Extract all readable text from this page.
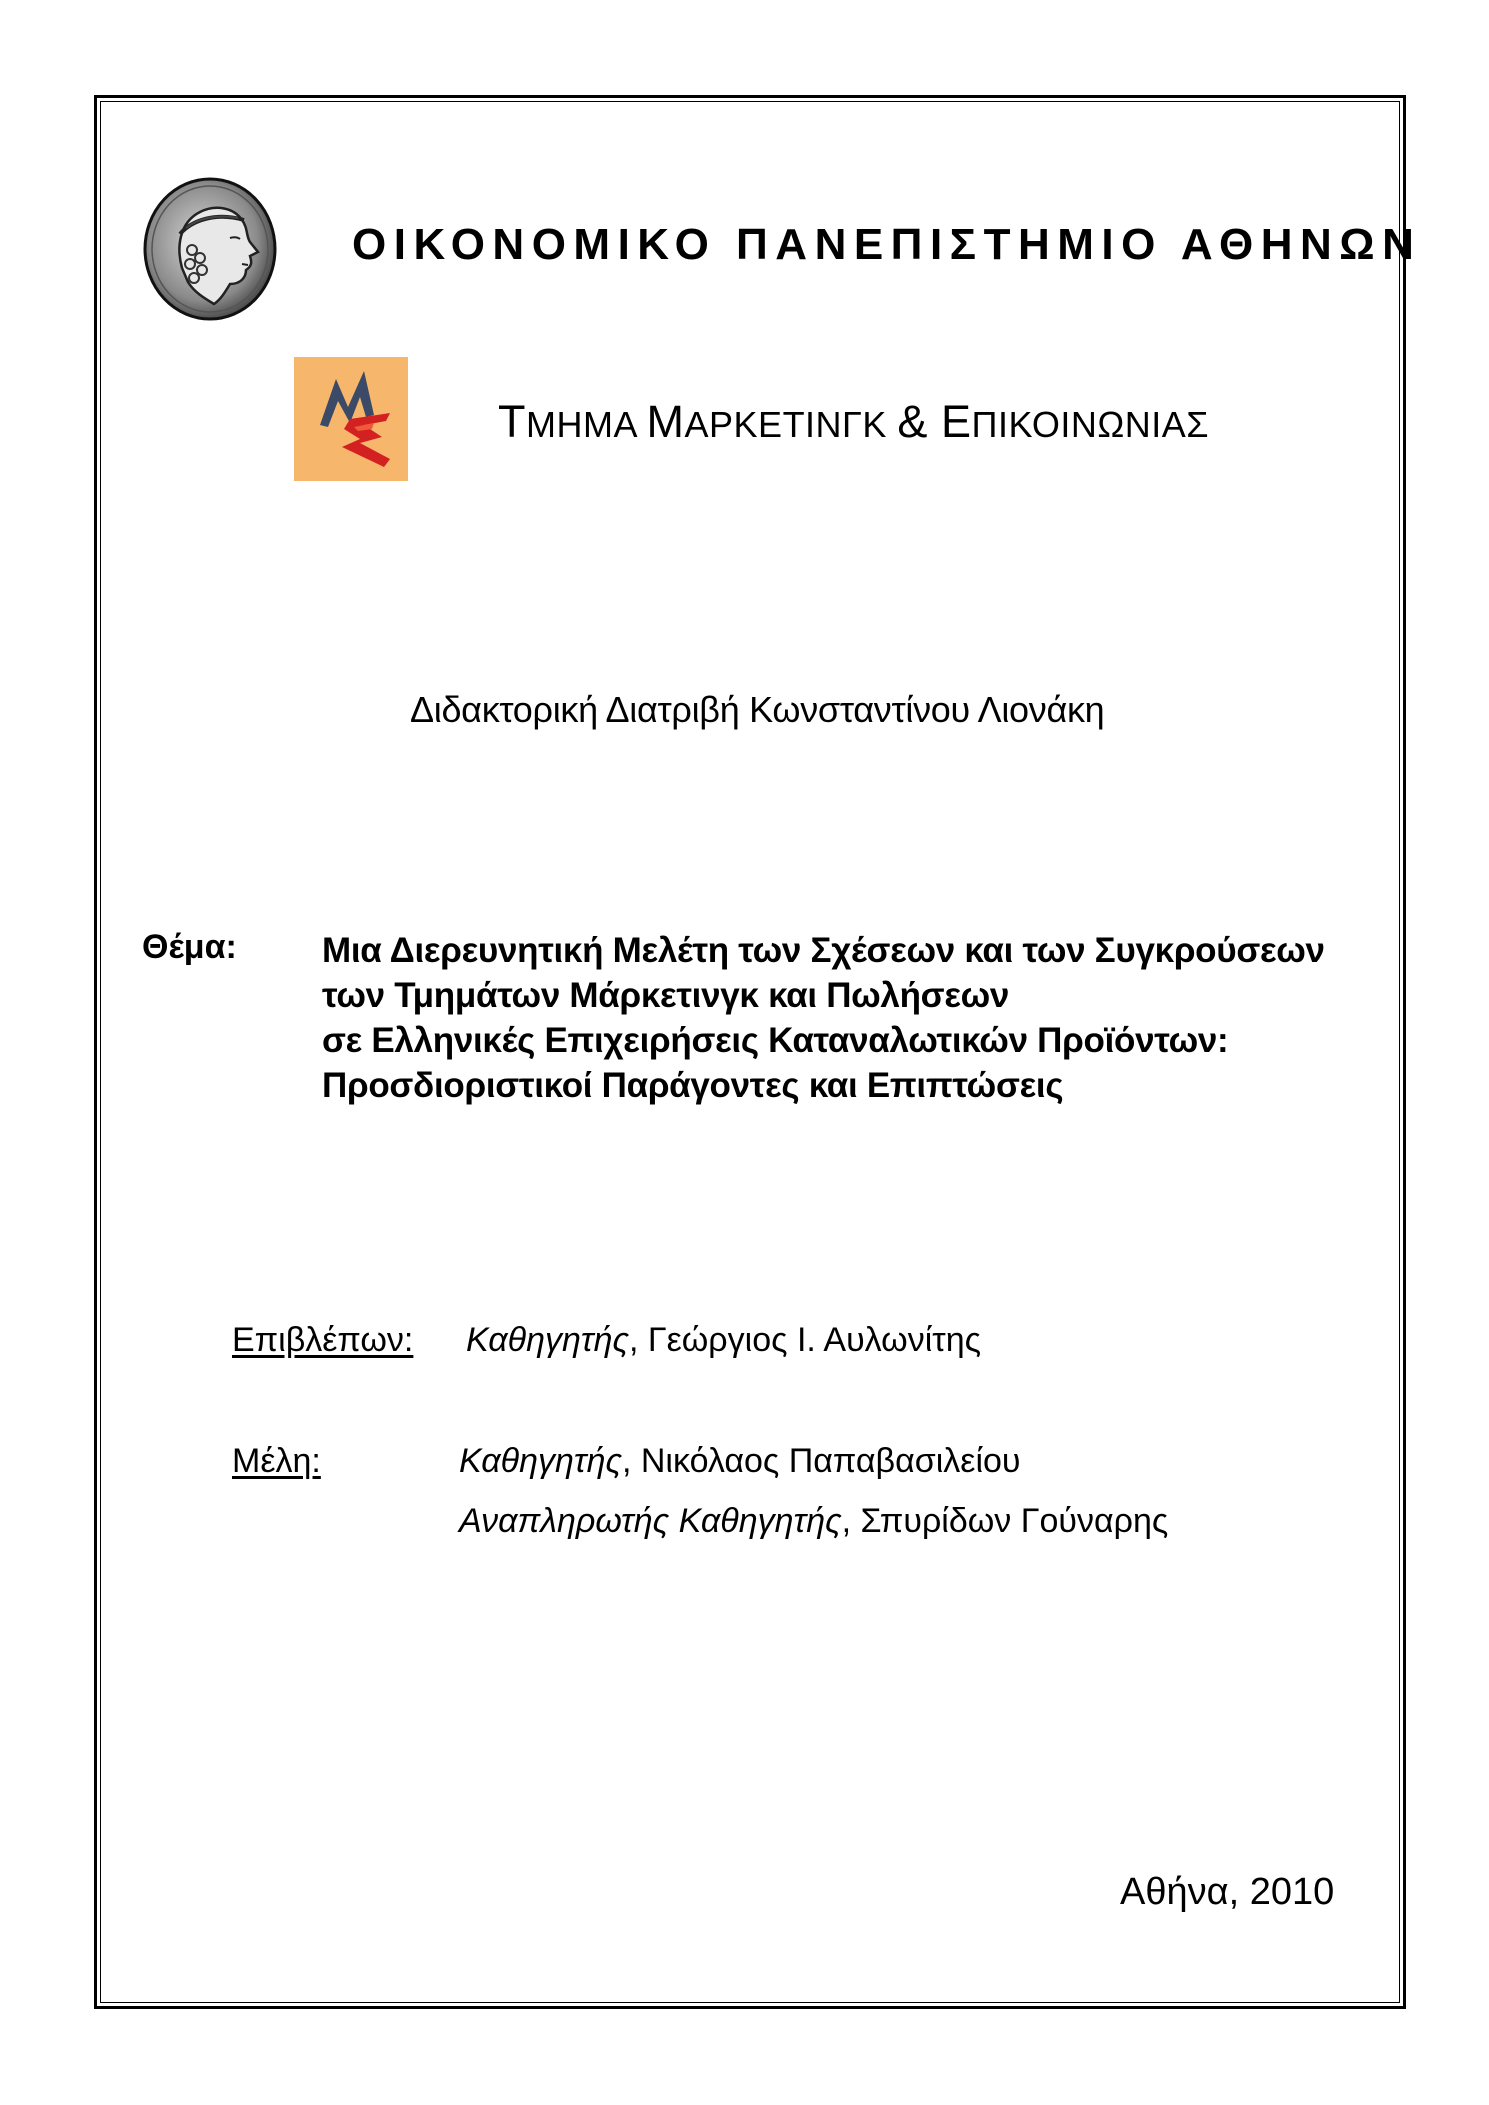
ΟΙΚΟΝΟΜΙΚΟ ΠΑΝΕΠΙΣΤΗΜΙΟ ΑΘΗΝΩΝ
ΤΜΗΜΑ ΜΑΡΚΕΤΙΝΓΚ & ΕΠΙΚΟΙΝΩΝΙΑΣ
Διδακτορική Διατριβή Κωνσταντίνου Λιονάκη
Θέμα: Μια Διερευνητική Μελέτη των Σχέσεων και των Συγκρούσεων
των Τμημάτων Μάρκετινγκ και Πωλήσεων
σε Ελληνικές Επιχειρήσεις Καταναλωτικών Προϊόντων:
Προσδιοριστικοί Παράγοντες και Επιπτώσεις
Επιβλέπων: Καθηγητής, Γεώργιος Ι. Αυλωνίτης
Μέλη:	Καθηγητής, Νικόλαος Παπαβασιλείου
Αναπληρωτής Καθηγητής, Σπυρίδων Γούναρης
Αθήνα, 2010
